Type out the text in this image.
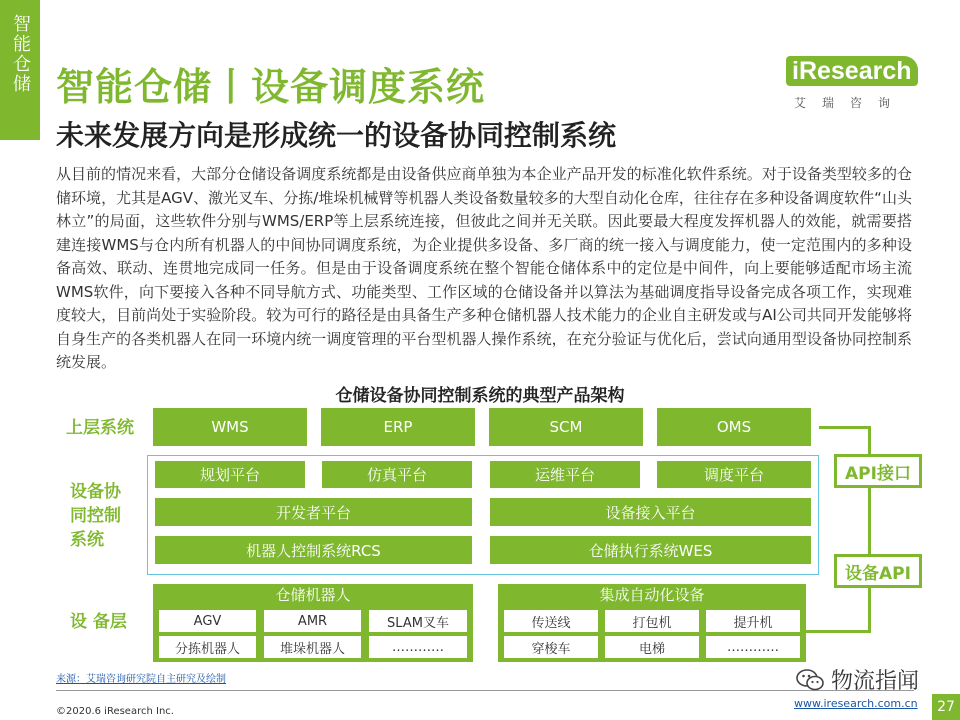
智能仓储 智能仓储丨设备调度系统
未来发展方向是形成统一的设备协同控制系统
iResearch
艾瑞咨询
从目前的情况来看，大部分仓储设备调度系统都是由设备供应商单独为本企业产品开发的标准化软件系统。对于设备类型较多的仓储环境，尤其是AGV、激光叉车、分拣/堆垛机械臂等机器人类设备数量较多的大型自动化仓库，往往存在多种设备调度软件“山头林立”的局面，这些软件分别与WMS/ERP等上层系统连接，但彼此之间并无关联。因此要最大程度发挥机器人的效能，就需要搭建连接WMS与仓内所有机器人的中间协同调度系统，为企业提供多设备、多厂商的统一接入与调度能力，使一定范围内的多种设备高效、联动、连贯地完成同一任务。但是由于设备调度系统在整个智能仓储体系中的定位是中间件，向上要能够适配市场主流WMS软件，向下要接入各种不同导航方式、功能类型、工作区域的仓储设备并以算法为基础调度指导设备完成各项工作，实现难度较大，目前尚处于实验阶段。较为可行的路径是由具备生产多种仓储机器人技术能力的企业自主研发或与AI公司共同开发能够将自身生产的各类机器人在同一环境内统一调度管理的平台型机器人操作系统，在充分验证与优化后，尝试向通用型设备协同控制系统发展。
仓储设备协同控制系统的典型产品架构
上层系统
设备协同控制系统
设 备层
WMS	ERP	SCM	OMS
规划平台	仿真平台	运维平台	调度平台
开发者平台	设备接入平台
机器人控制系统RCS	仓储执行系统WES
API接口
设备API
仓储机器人
AGV	AMR	SLAM叉车
分拣机器人	堆垛机器人	…………
集成自动化设备
传送线	打包机	提升机
穿梭车	电梯	…………
来源：艾瑞咨询研究院自主研究及绘制
©2020.6 iResearch Inc.
www.iresearch.com.cn	27
物流指闻
